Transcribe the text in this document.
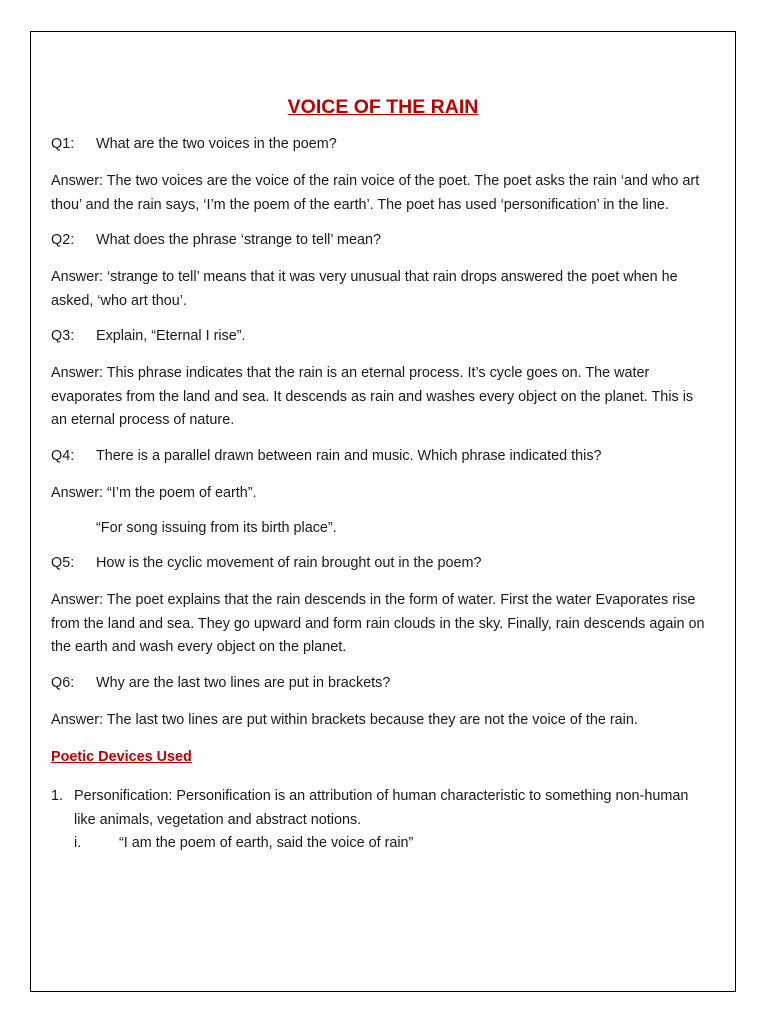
VOICE OF THE RAIN
Q1:	What are the two voices in the poem?
Answer: The two voices are the voice of the rain voice of the poet. The poet asks the rain ‘and who art thou’ and the rain says, ‘I’m the poem of the earth’. The poet has used ‘personification’ in the line.
Q2:	What does the phrase ‘strange to tell’ mean?
Answer: ‘strange to tell’ means that it was very unusual that rain drops answered the poet when he asked, ‘who art thou’.
Q3:	Explain, “Eternal I rise”.
Answer: This phrase indicates that the rain is an eternal process. It’s cycle goes on. The water evaporates from the land and sea. It descends as rain and washes every object on the planet. This is an eternal process of nature.
Q4:	There is a parallel drawn between rain and music. Which phrase indicated this?
Answer: “I’m the poem of earth”.
“For song issuing from its birth place”.
Q5:	How is the cyclic movement of rain brought out in the poem?
Answer: The poet explains that the rain descends in the form of water. First the water Evaporates rise from the land and sea. They go upward and form rain clouds in the sky. Finally, rain descends again on the earth and wash every object on the planet.
Q6:	Why are the last two lines are put in brackets?
Answer: The last two lines are put within brackets because they are not the voice of the rain.
Poetic Devices Used
1. Personification: Personification is an attribution of human characteristic to something non-human like animals, vegetation and abstract notions.
i.	“I am the poem of earth, said the voice of rain”
